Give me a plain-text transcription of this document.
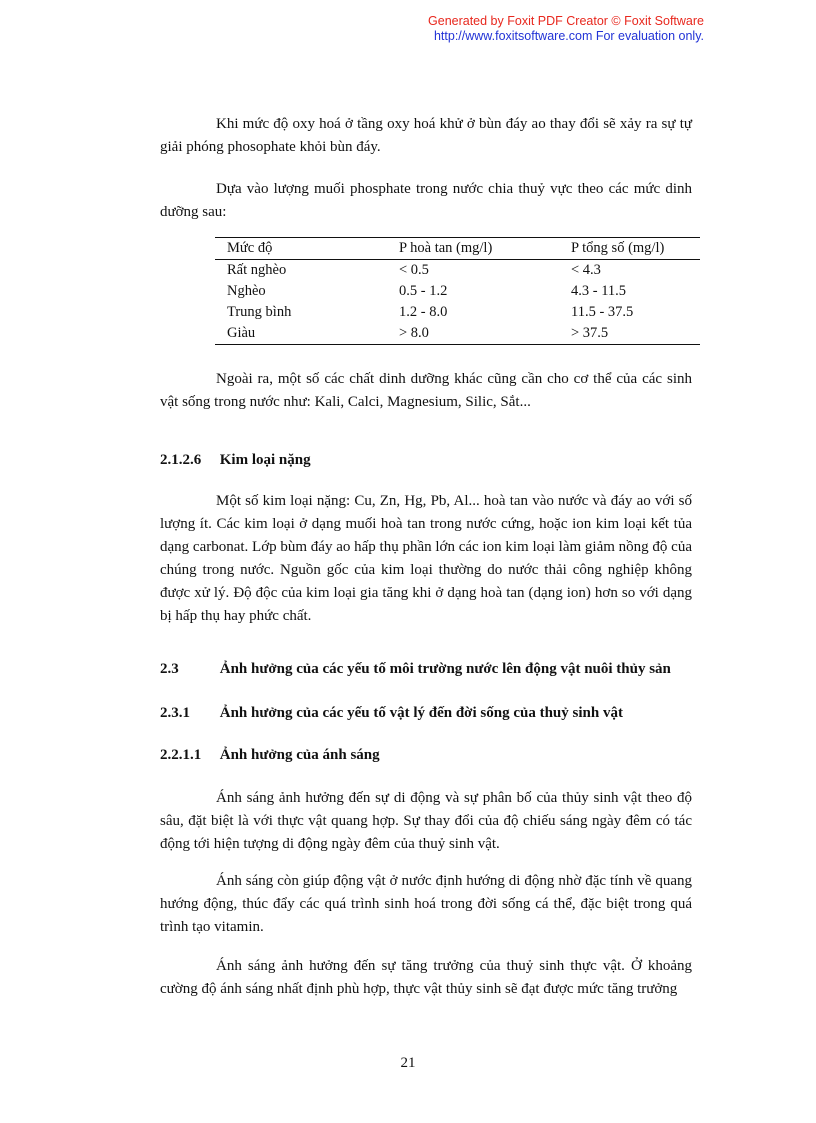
Generated by Foxit PDF Creator © Foxit Software
http://www.foxitsoftware.com For evaluation only.
Khi mức độ oxy hoá ở tầng oxy hoá khử ở bùn đáy ao thay đổi sẽ xảy ra sự tự giải phóng phosophate khỏi bùn đáy.
Dựa vào lượng muối phosphate trong nước chia thuỷ vực theo các mức dinh dưỡng sau:
Mức độ	P hoà tan (mg/l)	P tổng số (mg/l)
Rất nghèo	< 0.5	< 4.3
Nghèo	0.5 - 1.2	4.3 - 11.5
Trung bình	1.2 - 8.0	11.5 - 37.5
Giàu	> 8.0	> 37.5
Ngoài ra, một số các chất dinh dưỡng khác cũng cần cho cơ thể của các sinh vật sống trong nước như: Kali, Calci, Magnesium, Silic, Sắt...
2.1.2.6 Kim loại nặng
Một số kim loại nặng: Cu, Zn, Hg, Pb, Al... hoà tan vào nước và đáy ao với số lượng ít. Các kim loại ở dạng muối hoà tan trong nước cứng, hoặc ion kim loại kết tủa dạng carbonat. Lớp bùm đáy ao hấp thụ phần lớn các ion kim loại làm giảm nồng độ của chúng trong nước. Nguồn gốc của kim loại thường do nước thải công nghiệp không được xử lý. Độ độc của kim loại gia tăng khi ở dạng hoà tan (dạng ion) hơn so với dạng bị hấp thụ hay phức chất.
2.3	Ảnh hưởng của các yếu tố môi trường nước lên động vật nuôi thủy sản
2.3.1 Ảnh hưởng của các yếu tố vật lý đến đời sống của thuỷ sinh vật
2.2.1.1 Ảnh hưởng của ánh sáng
Ánh sáng ảnh hưởng đến sự di động và sự phân bố của thủy sinh vật theo độ sâu, đặt biệt là với thực vật quang hợp. Sự thay đổi của độ chiếu sáng ngày đêm có tác động tới hiện tượng di động ngày đêm của thuỷ sinh vật.
Ánh sáng còn giúp động vật ở nước định hướng di động nhờ đặc tính về quang hướng động, thúc đẩy các quá trình sinh hoá trong đời sống cá thể, đặc biệt trong quá trình tạo vitamin.
Ánh sáng ảnh hưởng đến sự tăng trưởng của thuỷ sinh thực vật. Ở khoảng cường độ ánh sáng nhất định phù hợp, thực vật thủy sinh sẽ đạt được mức tăng trưởng
21
